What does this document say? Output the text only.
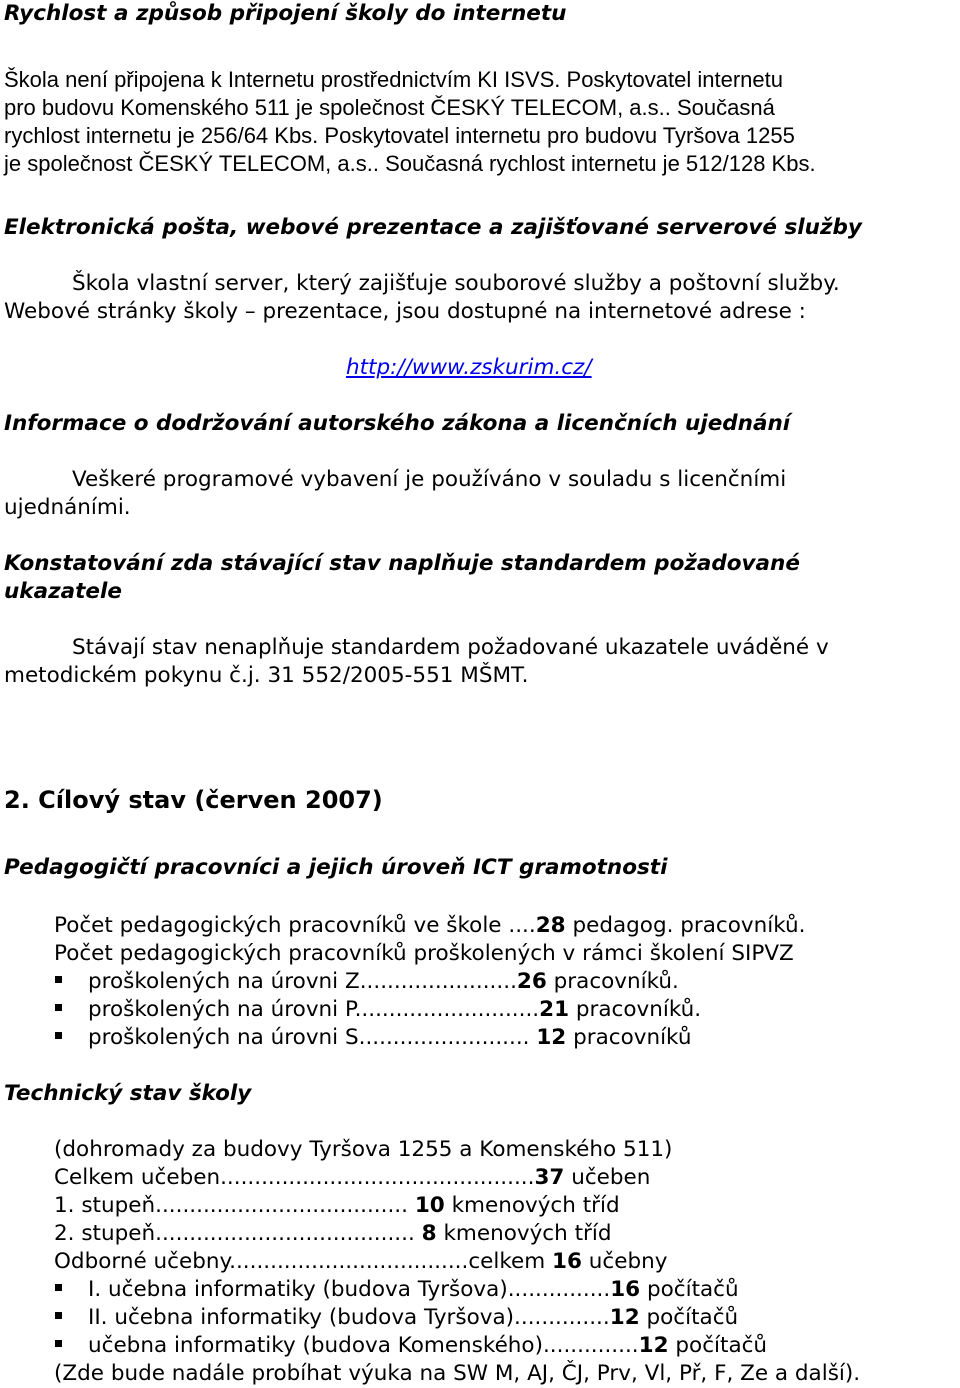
Rychlost a způsob připojení školy do internetu
Škola není připojena k Internetu prostřednictvím KI ISVS. Poskytovatel internetu
pro budovu Komenského 511 je společnost ČESKÝ TELECOM, a.s.. Současná
rychlost internetu je 256/64 Kbs. Poskytovatel internetu pro budovu Tyršova 1255
je společnost ČESKÝ TELECOM, a.s.. Současná rychlost internetu je 512/128 Kbs.
Elektronická pošta, webové prezentace a zajišťované serverové služby
Škola vlastní server, který zajišťuje souborové služby a poštovní služby.
Webové stránky školy – prezentace, jsou dostupné na internetové adrese :
http://www.zskurim.cz/
Informace o dodržování autorského zákona a licenčních ujednání
Veškeré programové vybavení je používáno v souladu s licenčními
ujednáními.
Konstatování zda stávající stav naplňuje standardem požadované
ukazatele
Stávají stav nenaplňuje standardem požadované ukazatele uváděné v
metodickém pokynu č.j. 31 552/2005-551 MŠMT.
2. Cílový stav (červen 2007)
Pedagogičtí pracovníci a jejich úroveň ICT gramotnosti
Počet pedagogických pracovníků ve škole ....28 pedagog. pracovníků.
Počet pedagogických pracovníků proškolených v rámci školení SIPVZ
proškolených na úrovni Z.......................26 pracovníků.
proškolených na úrovni P...........................21 pracovníků.
proškolených na úrovni S......................... 12 pracovníků
Technický stav školy
(dohromady za budovy Tyršova 1255 a Komenského 511)
Celkem učeben..............................................37 učeben
1. stupeň..................................... 10 kmenových tříd
2. stupeň...................................... 8 kmenových tříd
Odborné učebny...................................celkem 16 učebny
I. učebna informatiky (budova Tyršova)...............16 počítačů
II. učebna informatiky (budova Tyršova)..............12 počítačů
učebna informatiky (budova Komenského)..............12 počítačů
(Zde bude nadále probíhat výuka na SW M, AJ, ČJ, Prv, Vl, Př, F, Ze a další).
